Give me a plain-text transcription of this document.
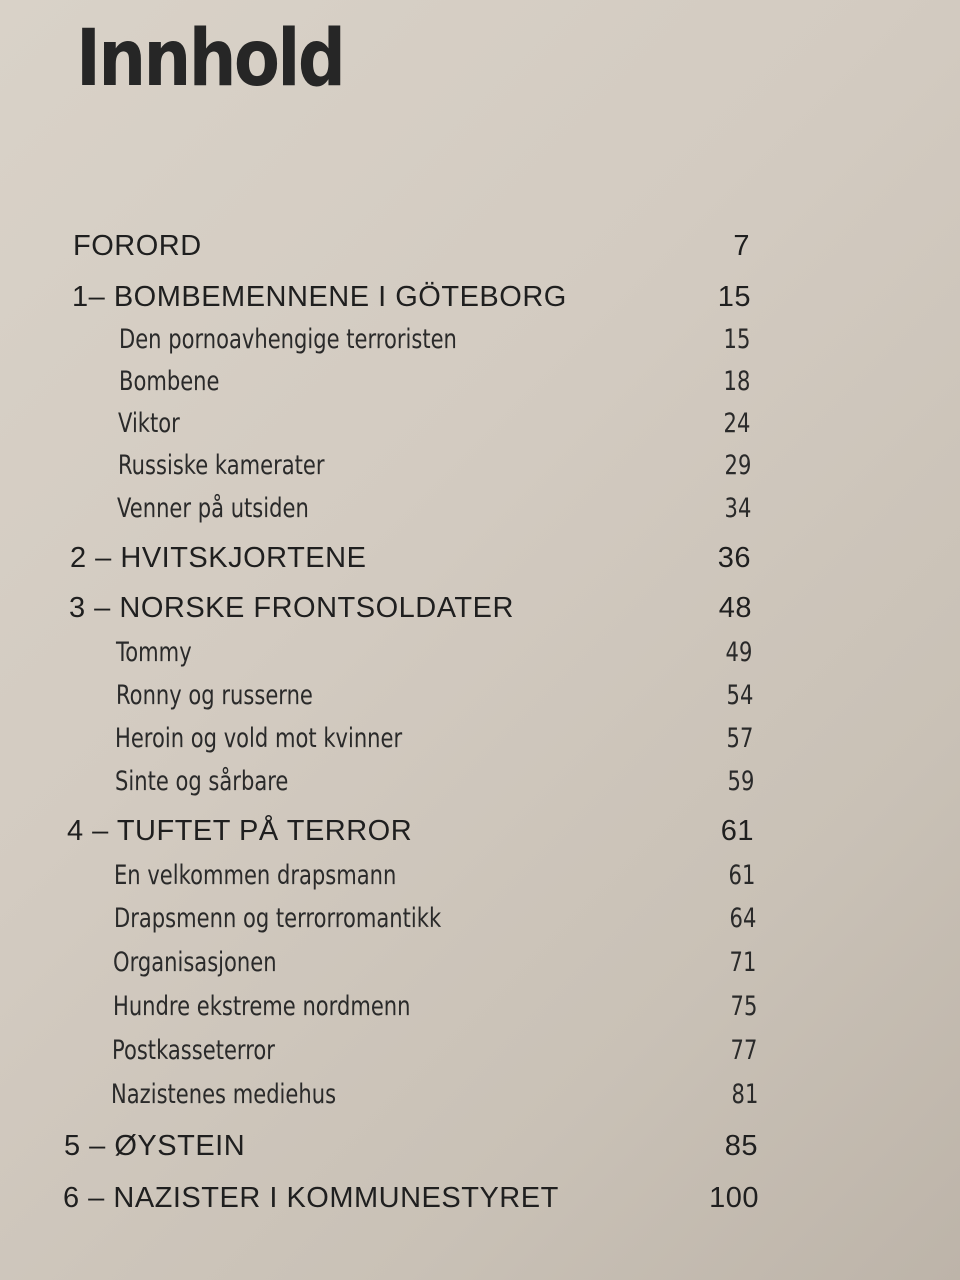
Innhold
FORORD	7
1– BOMBEMENNENE I GÖTEBORG	15
Den pornoavhengige terroristen	15
Bombene	18
Viktor	24
Russiske kamerater	29
Venner på utsiden	34
2 – HVITSKJORTENE	36
3 – NORSKE FRONTSOLDATER	48
Tommy	49
Ronny og russerne	54
Heroin og vold mot kvinner	57
Sinte og sårbare	59
4 – TUFTET PÅ TERROR	61
En velkommen drapsmann	61
Drapsmenn og terrorromantikk	64
Organisasjonen	71
Hundre ekstreme nordmenn	75
Postkasseterror	77
Nazistenes mediehus	81
5 – ØYSTEIN	85
6 – NAZISTER I KOMMUNESTYRET	100
